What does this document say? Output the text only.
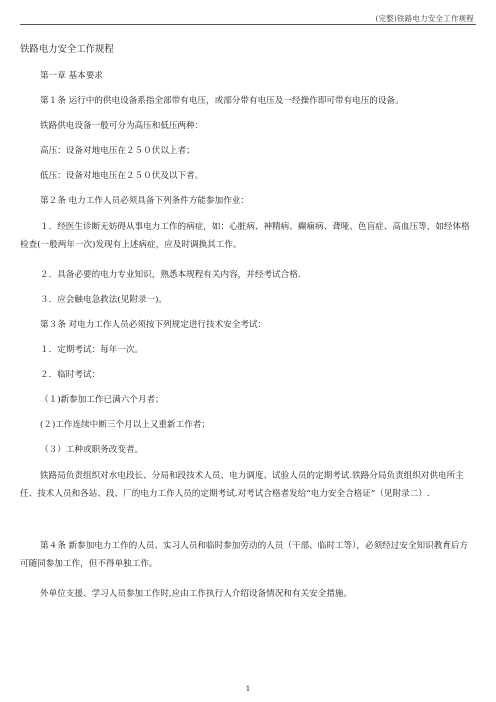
(完整)铁路电力安全工作规程
铁路电力安全工作规程
第一章 基本要求
第１条 运行中的供电设备系指全部带有电压，或部分带有电压及一经操作即可带有电压的设备。
铁路供电设备一般可分为高压和低压两种：
高压：设备对地电压在２５０伏以上者；
低压：设备对地电压在２５０伏及以下者。
第２条 电力工作人员必须具备下列条件方能参加作业：
１．经医生诊断无妨碍从事电力工作的病症，如：心脏病、神精病、癫痫病、聋哑、色盲症、高血压等，如经体格检查(一般两年一次)发现有上述病症，应及时调换其工作。
２．具备必要的电力专业知识，熟悉本规程有关内容，并经考试合格.
３．应会触电急救法(见附录一)。
第３条 对电力工作人员必须按下列规定进行技术安全考试：
１．定期考试：每年一次。
２．临时考试：
（１)新参加工作已满六个月者；
(２)工作连续中断三个月以上又重新工作者；
（３）工种或职务改变者。
铁路局负责组织对水电段长、分局和段技术人员、电力调度、试验人员的定期考试.铁路分局负责组织对供电所主任、技术人员和各站、段、厂的电力工作人员的定期考试.对考试合格者发给“电力安全合格证”（见附录二）.
第４条 新参加电力工作的人员、实习人员和临时参加劳动的人员（干部、临时工等），必须经过安全知识教育后方可随同参加工作，但不得单独工作。
外单位支援、学习人员参加工作时,应由工作执行人介绍设备情况和有关安全措施。
1
